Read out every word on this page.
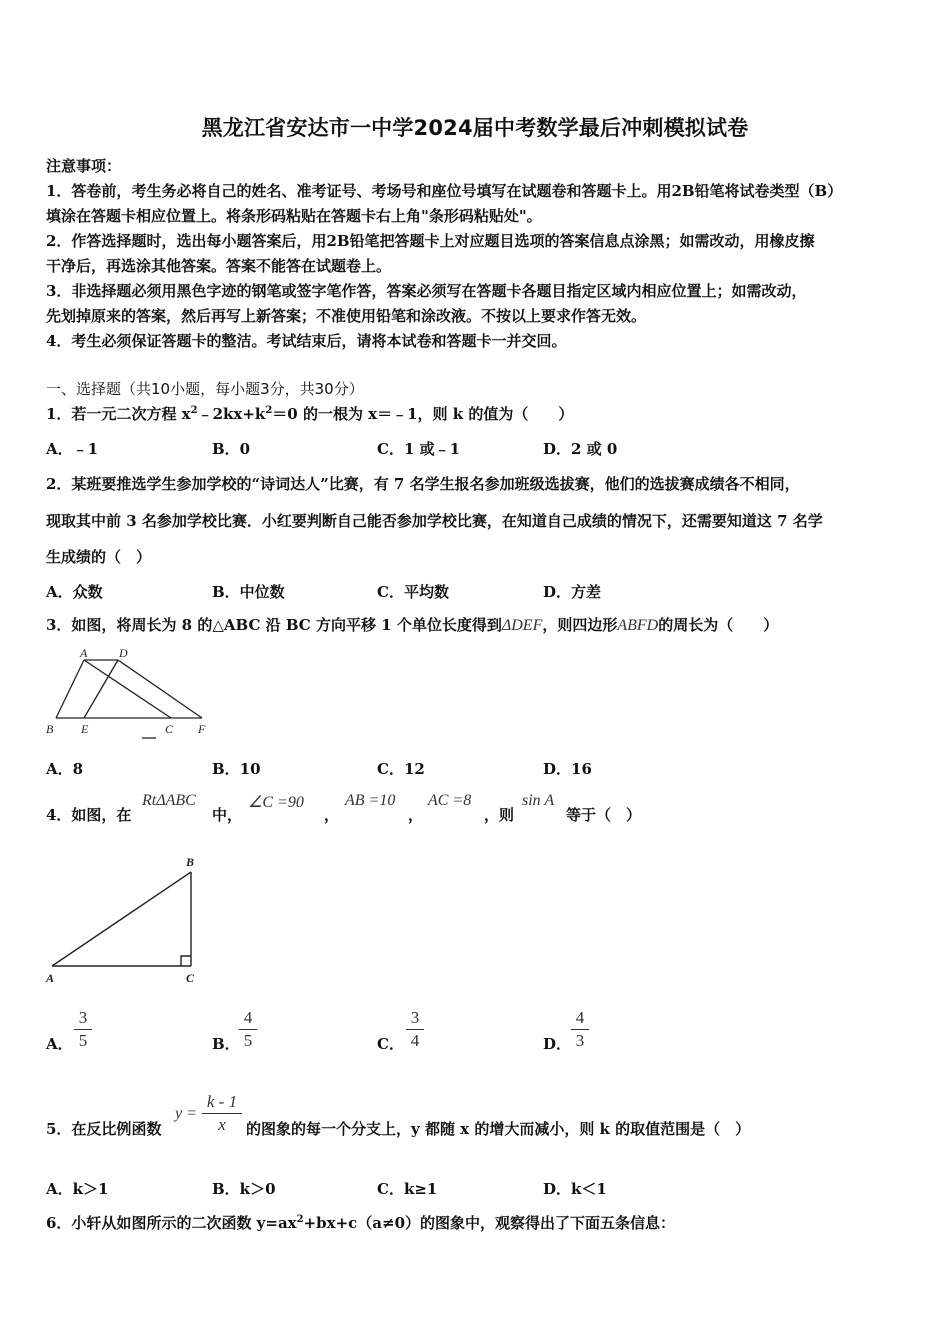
黑龙江省安达市一中学2024届中考数学最后冲刺模拟试卷
注意事项：
1．答卷前，考生务必将自己的姓名、准考证号、考场号和座位号填写在试题卷和答题卡上。用2B铅笔将试卷类型（B）
填涂在答题卡相应位置上。将条形码粘贴在答题卡右上角"条形码粘贴处"。
2．作答选择题时，选出每小题答案后，用2B铅笔把答题卡上对应题目选项的答案信息点涂黑；如需改动，用橡皮擦
干净后，再选涂其他答案。答案不能答在试题卷上。
3．非选择题必须用黑色字迹的钢笔或签字笔作答，答案必须写在答题卡各题目指定区域内相应位置上；如需改动，
先划掉原来的答案，然后再写上新答案；不准使用铅笔和涂改液。不按以上要求作答无效。
4．考生必须保证答题卡的整洁。考试结束后，请将本试卷和答题卡一并交回。
一、选择题（共10小题，每小题3分，共30分）
1．若一元二次方程 $x^2﹣2kx+k^2=0$ 的一根为 x＝﹣1，则 k 的值为（　　）
A．﹣1	B．0	C．1 或﹣1	D．2 或 0
2．某班要推选学生参加学校的“诗词达人”比赛，有 7 名学生报名参加班级选拔赛，他们的选拔赛成绩各不相同，
现取其中前 3 名参加学校比赛．小红要判断自己能否参加学校比赛，在知道自己成绩的情况下，还需要知道这 7 名学
生成绩的（　）
A．众数	B．中位数	C．平均数	D．方差
3．如图，将周长为 8 的△ABC 沿 BC 方向平移 1 个单位长度得到ΔDEF，则四边形ABFD的周长为（　　）
A	D
B E	C F
A．8	B．10	C．12	D．16
4．如图，在
RtΔABC
中，
∠C =90
，
AB =10
，
AC =8
，则
sin A
等于（　）
B
A	C
A．
3
5	B．
4
5	C．
3
4	D．
4
3
5．在反比例函数
y =
k - 1
x	的图象的每一个分支上，y 都随 x 的增大而减小，则 k 的取值范围是（　）
A．k＞1	B．k＞0	C．k≥1	D．k＜1
6．小轩从如图所示的二次函数 $y=ax^2+bx+c(a\ne 0)$的图象中，观察得出了下面五条信息：
